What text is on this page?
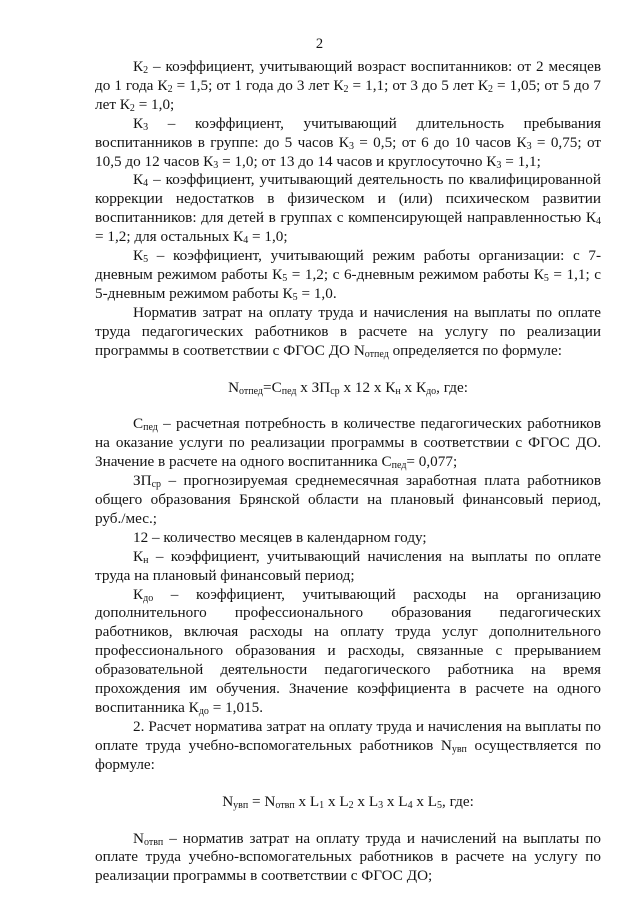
2

$К_2$ – коэффициент, учитывающий возраст воспитанников: от 2 месяцев до 1 года $К_2 = 1,5$; от 1 года до 3 лет $К_2 = 1,1$; от 3 до 5 лет $К_2 = 1,05$; от 5 до 7 лет $К_2 = 1,0$;

$К_3$ – коэффициент, учитывающий длительность пребывания воспитанников в группе: до 5 часов $К_3 = 0,5$; от 6 до 10 часов $К_3 = 0,75$; от 10,5 до 12 часов $К_3 = 1,0$; от 13 до 14 часов и круглосуточно $К_3 = 1,1$;

$К_4$ – коэффициент, учитывающий деятельность по квалифицированной коррекции недостатков в физическом и (или) психическом развитии воспитанников: для детей в группах с компенсирующей направленностью $К_4 = 1,2$; для остальных $К_4 = 1,0$;

$К_5$ – коэффициент, учитывающий режим работы организации: с 7-дневным режимом работы $К_5 = 1,2$; с 6-дневным режимом работы $К_5 = 1,1$; с 5-дневным режимом работы $К_5 = 1,0$.

Норматив затрат на оплату труда и начисления на выплаты по оплате труда педагогических работников в расчете на услугу по реализации программы в соответствии с ФГОС ДО $N_{отпед}$ определяется по формуле:

$N_{отпед}=С_{пед}$ х $ЗП_{ср}$ х 12 х $К_н$ х $К_{до}$, где:

$С_{пед}$ – расчетная потребность в количестве педагогических работников на оказание услуги по реализации программы в соответствии с ФГОС ДО. Значение в расчете на одного воспитанника $С_{пед}= 0,077$;

$ЗП_{ср}$ – прогнозируемая среднемесячная заработная плата работников общего образования Брянской области на плановый финансовый период, руб./мес.;

12 – количество месяцев в календарном году;

$К_н$ – коэффициент, учитывающий начисления на выплаты по оплате труда на плановый финансовый период;

$К_{до}$ – коэффициент, учитывающий расходы на организацию дополнительного профессионального образования педагогических работников, включая расходы на оплату труда услуг дополнительного профессионального образования и расходы, связанные с прерыванием образовательной деятельности педагогического работника на время прохождения им обучения. Значение коэффициента в расчете на одного воспитанника $К_{до} = 1,015$.

2. Расчет норматива затрат на оплату труда и начисления на выплаты по оплате труда учебно-вспомогательных работников $N_{увп}$ осуществляется по формуле:

$N_{увп} = N_{отвп}$ х $L_1$ х $L_2$ х $L_3$ х $L_4$ х $L_5$, где:

$N_{отвп}$ – норматив затрат на оплату труда и начислений на выплаты по оплате труда учебно-вспомогательных работников в расчете на услугу по реализации программы в соответствии с ФГОС ДО;
